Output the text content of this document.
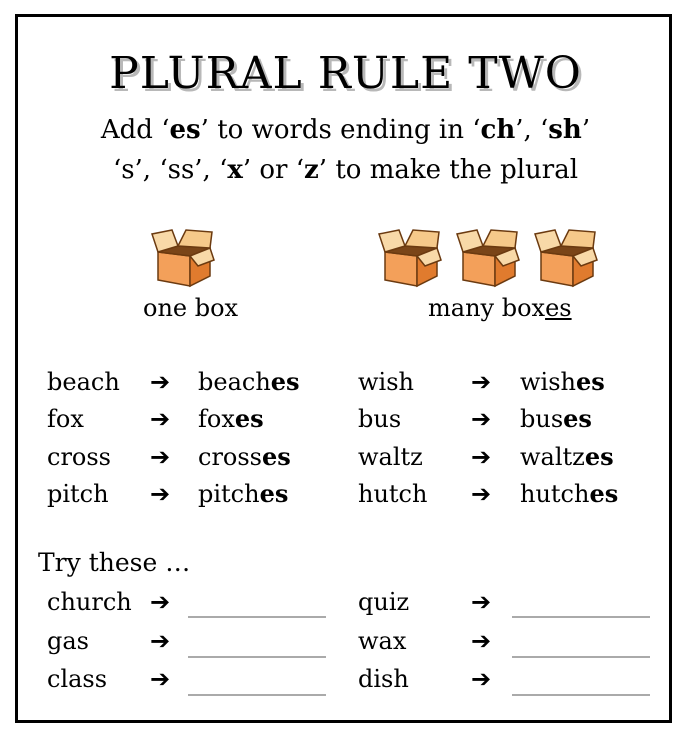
PLURAL RULE TWO
Add ‘es’ to words ending in ‘ch’, ‘sh’
‘s’, ‘ss’, ‘x’ or ‘z’ to make the plural
one box	many boxes
beach ➔ beaches
fox	➔ foxes
cross ➔ crosses
pitch ➔ pitches
wish ➔ wishes
bus	➔ buses
waltz ➔ waltzes
hutch ➔ hutches
Try these …
church ➔
gas	➔
class ➔
quiz	➔
wax	➔
dish	➔
